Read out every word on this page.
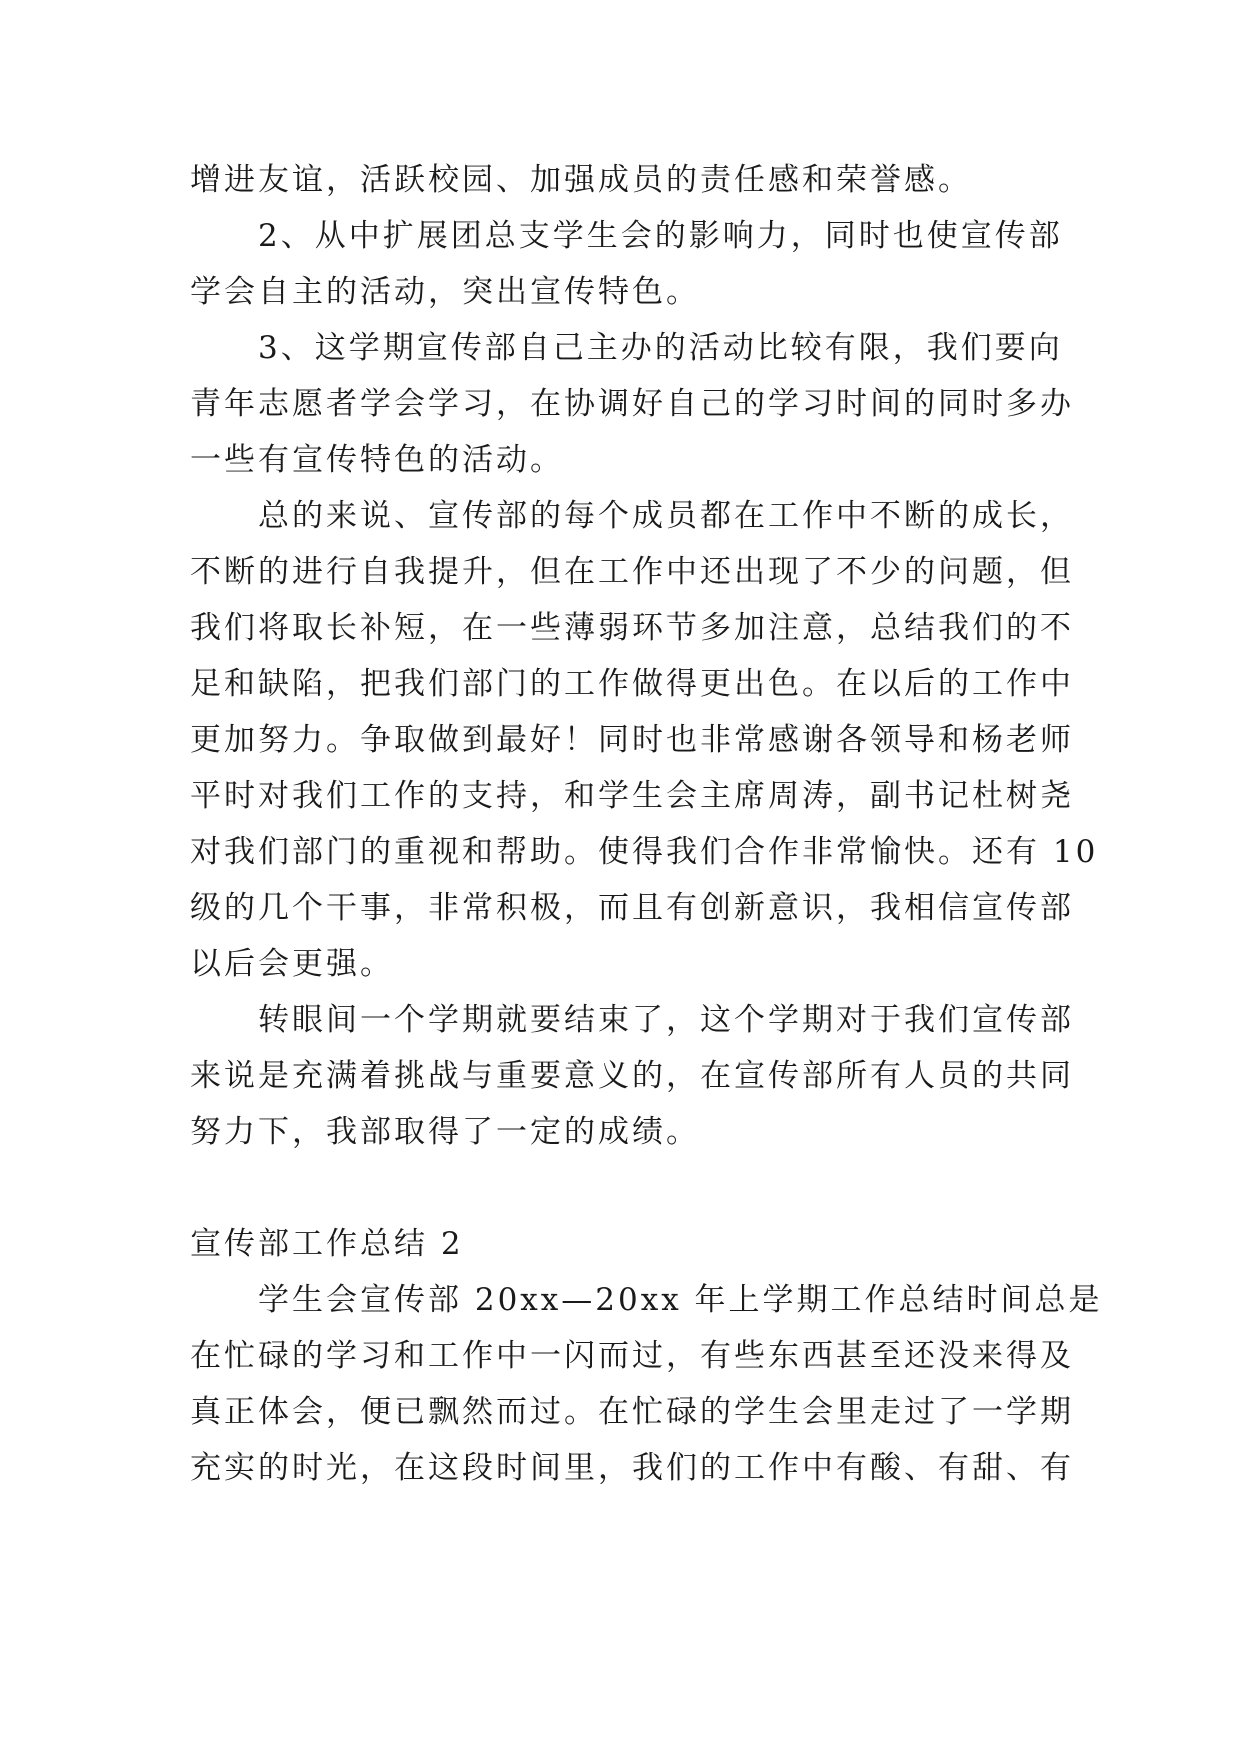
增进友谊，活跃校园、加强成员的责任感和荣誉感。
　　2、从中扩展团总支学生会的影响力，同时也使宣传部
学会自主的活动，突出宣传特色。
　　3、这学期宣传部自己主办的活动比较有限，我们要向
青年志愿者学会学习，在协调好自己的学习时间的同时多办
一些有宣传特色的活动。
　　总的来说、宣传部的每个成员都在工作中不断的成长，
不断的进行自我提升，但在工作中还出现了不少的问题，但
我们将取长补短，在一些薄弱环节多加注意，总结我们的不
足和缺陷，把我们部门的工作做得更出色。在以后的工作中
更加努力。争取做到最好！同时也非常感谢各领导和杨老师
平时对我们工作的支持，和学生会主席周涛，副书记杜树尧
对我们部门的重视和帮助。使得我们合作非常愉快。还有 10
级的几个干事，非常积极，而且有创新意识，我相信宣传部
以后会更强。
　　转眼间一个学期就要结束了，这个学期对于我们宣传部
来说是充满着挑战与重要意义的，在宣传部所有人员的共同
努力下，我部取得了一定的成绩。
宣传部工作总结 2
　　学生会宣传部 20xx—20xx 年上学期工作总结时间总是
在忙碌的学习和工作中一闪而过，有些东西甚至还没来得及
真正体会，便已飘然而过。在忙碌的学生会里走过了一学期
充实的时光，在这段时间里，我们的工作中有酸、有甜、有
